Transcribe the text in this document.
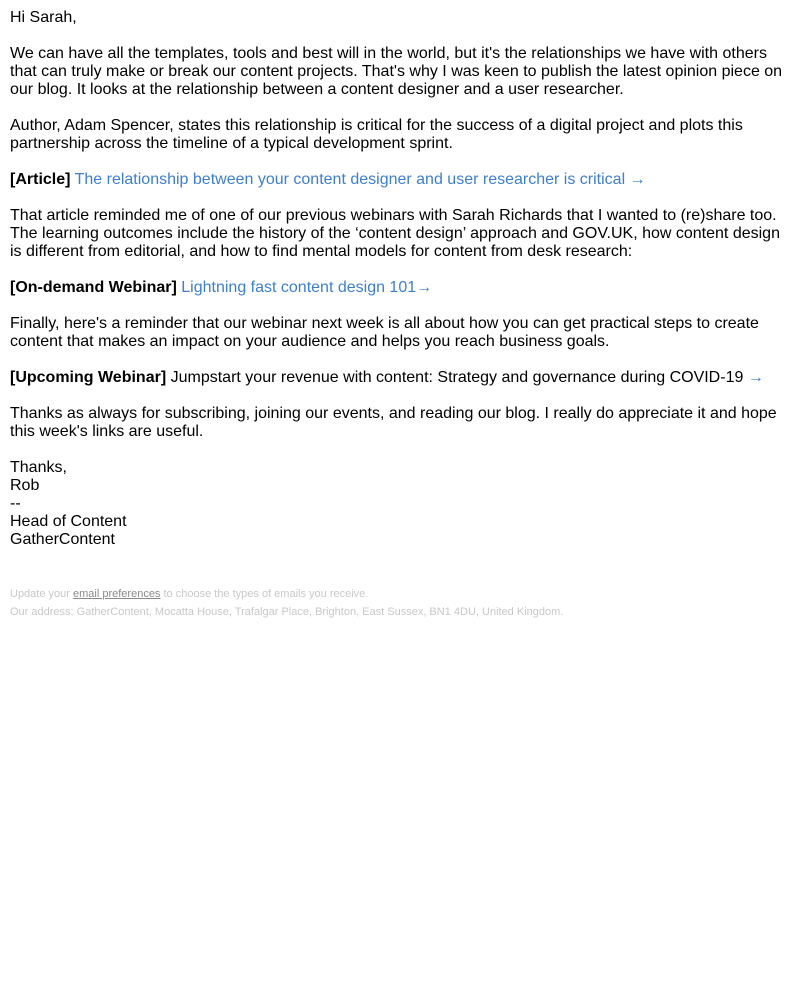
Hi Sarah,

We can have all the templates, tools and best will in the world, but it's the relationships we have with others that can truly make or break our content projects. That's why I was keen to publish the latest opinion piece on our blog. It looks at the relationship between a content designer and a user researcher.

Author, Adam Spencer, states this relationship is critical for the success of a digital project and plots this partnership across the timeline of a typical development sprint.

[Article] The relationship between your content designer and user researcher is critical →

That article reminded me of one of our previous webinars with Sarah Richards that I wanted to (re)share too. The learning outcomes include the history of the ‘content design’ approach and GOV.UK, how content design is different from editorial, and how to find mental models for content from desk research:

[On-demand Webinar] Lightning fast content design 101→

Finally, here's a reminder that our webinar next week is all about how you can get practical steps to create content that makes an impact on your audience and helps you reach business goals.

[Upcoming Webinar] Jumpstart your revenue with content: Strategy and governance during COVID-19 →

Thanks as always for subscribing, joining our events, and reading our blog. I really do appreciate it and hope this week's links are useful.

Thanks,
Rob
--
Head of Content
GatherContent
Update your email preferences to choose the types of emails you receive.
Our address: GatherContent, Mocatta House, Trafalgar Place, Brighton, East Sussex, BN1 4DU, United Kingdom.
